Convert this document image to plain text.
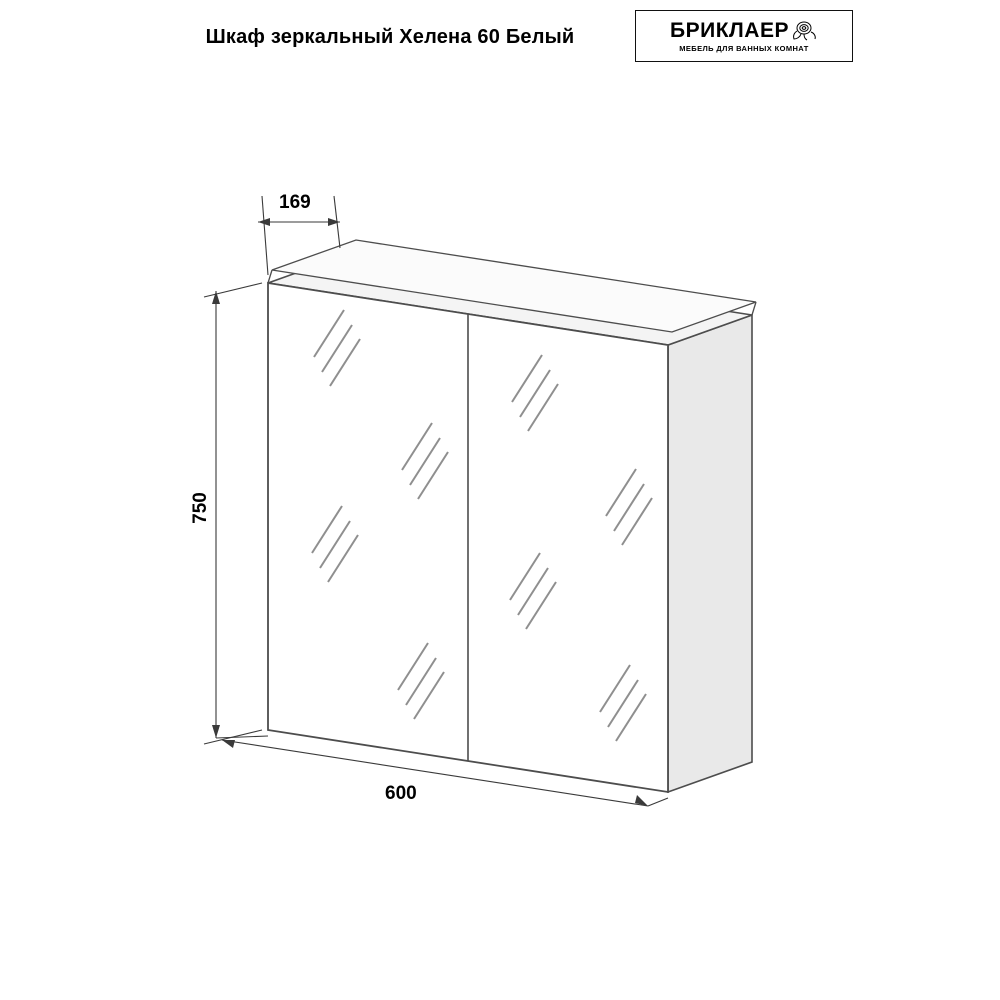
Шкаф зеркальный Хелена 60 Белый	БРИКЛАЕР
МЕБЕЛЬ ДЛЯ ВАННЫХ КОМНАТ
169
750
600
